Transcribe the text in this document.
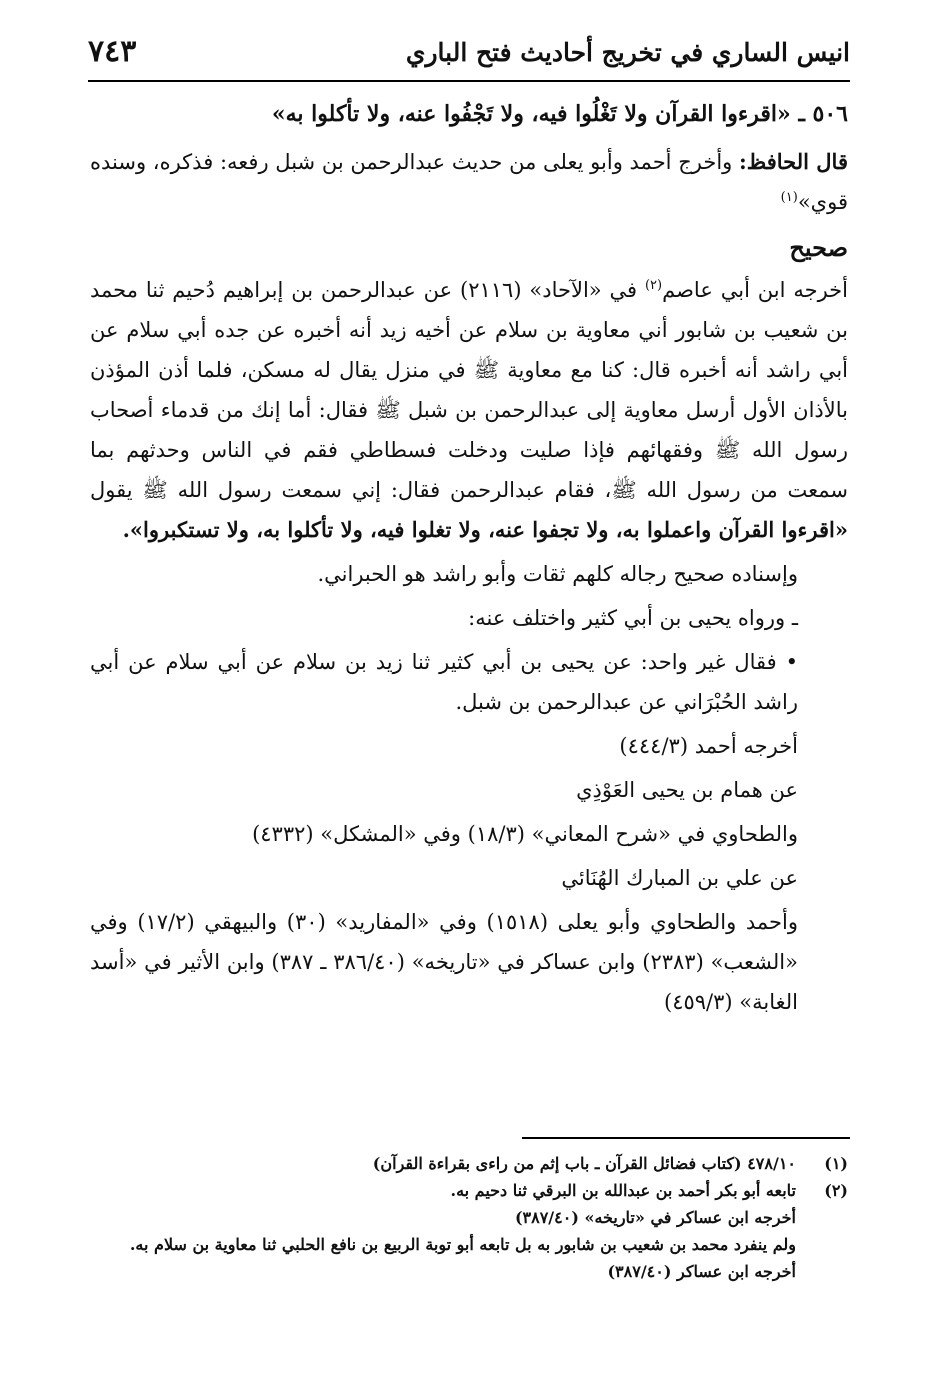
انيس الساري في تخريج أحاديث فتح الباري
٧٤٣

٥٠٦ ـ «اقرءوا القرآن ولا تَغْلُوا فيه، ولا تَجْفُوا عنه، ولا تأكلوا به»

قال الحافظ: وأخرج أحمد وأبو يعلى من حديث عبدالرحمن بن شبل رفعه: فذكره، وسنده قوي»$^{(١)}$

صحيح

أخرجه ابن أبي عاصم$^{(٢)}$ في «الآحاد» (٢١١٦) عن عبدالرحمن بن إبراهيم دُحيم ثنا محمد بن شعيب بن شابور أني معاوية بن سلام عن أخيه زيد أنه أخبره عن جده أبي سلام عن أبي راشد أنه أخبره قال: كنا مع معاوية ﷺ في منزل يقال له مسكن، فلما أذن المؤذن بالأذان الأول أرسل معاوية إلى عبدالرحمن بن شبل ﷺ فقال: أما إنك من قدماء أصحاب رسول الله ﷺ وفقهائهم فإذا صليت ودخلت فسطاطي فقم في الناس وحدثهم بما سمعت من رسول الله ﷺ، فقام عبدالرحمن فقال: إني سمعت رسول الله ﷺ يقول «اقرءوا القرآن واعملوا به، ولا تجفوا عنه، ولا تغلوا فيه، ولا تأكلوا به، ولا تستكبروا».

وإسناده صحيح رجاله كلهم ثقات وأبو راشد هو الحبراني.

ـ ورواه يحيى بن أبي كثير واختلف عنه:

• فقال غير واحد: عن يحيى بن أبي كثير ثنا زيد بن سلام عن أبي سلام عن أبي راشد الحُبْرَاني عن عبدالرحمن بن شبل.

أخرجه أحمد (٤٤٤/٣)

عن همام بن يحيى العَوْذِي

والطحاوي في «شرح المعاني» (١٨/٣) وفي «المشكل» (٤٣٣٢)

عن علي بن المبارك الهُنَائي

وأحمد والطحاوي وأبو يعلى (١٥١٨) وفي «المفاريد» (٣٠) والبيهقي (١٧/٢) وفي «الشعب» (٢٣٨٣) وابن عساكر في «تاريخه» (٣٨٦/٤٠ ـ ٣٨٧) وابن الأثير في «أسد الغابة» (٤٥٩/٣)

(١)٤٧٨/١٠ (كتاب فضائل القرآن ـ باب إثم من راءى بقراءة القرآن)

(٢)تابعه أبو بكر أحمد بن عبدالله بن البرقي ثنا دحيم به.

أخرجه ابن عساكر في «تاريخه» (٣٨٧/٤٠)

ولم ينفرد محمد بن شعيب بن شابور به بل تابعه أبو توبة الربيع بن نافع الحلبي ثنا معاوية بن سلام به.

أخرجه ابن عساكر (٣٨٧/٤٠)
